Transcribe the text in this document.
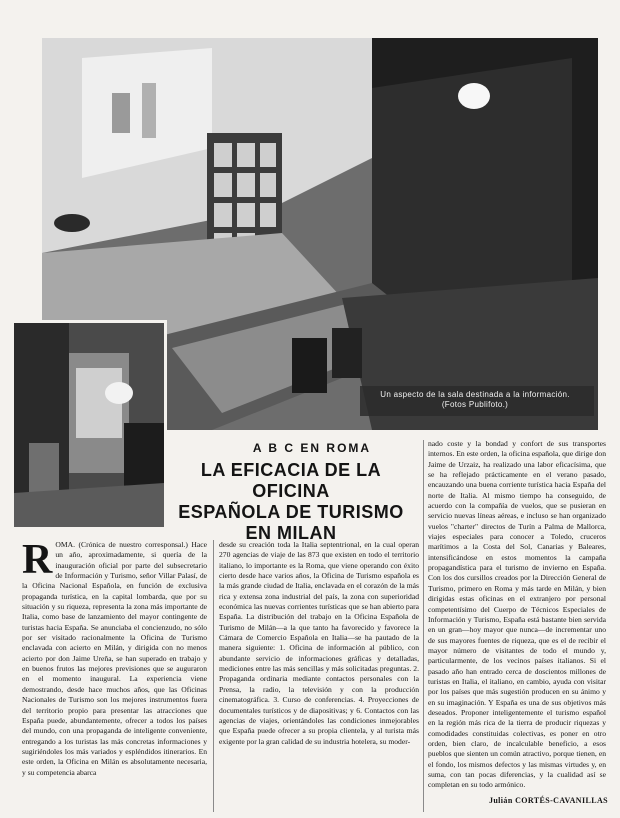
Un aspecto de la sala destinada a la información.
(Fotos Publifoto.)
A B C EN ROMA
LA EFICACIA DE LA OFICINA
ESPAÑOLA DE TURISMO
EN MILAN
R OMA. (Crónica de nuestro corresponsal.) Hace un año, aproximadamente, si quería de la inauguración oficial por parte del subsecretario de Información y Turismo, señor Villar Palasí, de la Oficina Nacional Española, en función de exclusiva propaganda turística, en la capital lombarda, que por su situación y su riqueza, representa la zona más importante de Italia, como base de lanzamiento del mayor contingente de turistas hacia España. Se anunciaba el concienzudo, no sólo por ser visitado racionalmente la Oficina de Turismo enclavada con acierto en Milán, y dirigida con no menos acierto por don Jaime Ureña, se han superado en trabajo y en buenos frutos las mejores previsiones que se auguraron en el momento inaugural. La experiencia viene demostrando, desde hace muchos años, que las Oficinas Nacionales de Turismo son los mejores instrumentos fuera del territorio propio para presentar las atracciones que España puede, abundantemente, ofrecer a todos los países del mundo, con una propaganda de inteligente conveniente, entregando a los turistas las más concretas informaciones y sugiriéndoles los más variados y espléndidos itinerarios. En este orden, la Oficina en Milán es absolutamente necesaria, y su competencia abarca

desde su creación toda la Italia septentrional, en la cual operan 270 agencias de viaje de las 873 que existen en todo el territorio italiano, lo importante es la Roma, que viene operando con éxito cierto desde hace varios años, la Oficina de Turismo española es la más grande ciudad de Italia, enclavada en el corazón de la más rica y extensa zona industrial del país, la zona con superioridad económica las nuevas corrientes turísticas que se han abierto para España. La distribución del trabajo en la Oficina Española de Turismo de Milán—a la que tanto ha favorecido y favorece la Cámara de Comercio Española en Italia—se ha pautado de la manera siguiente: 1. Oficina de información al público, con abundante servicio de informaciones gráficas y detalladas, mediciones entre las más sencillas y más solicitadas preguntas. 2. Propaganda ordinaria mediante contactos personales con la Prensa, la radio, la televisión y con la producción cinematográfica. 3. Curso de conferencias. 4. Proyecciones de documentales turísticos y de diapositivas; y 6. Contactos con las agencias de viajes, orientándoles las condiciones inmejorables que España puede ofrecer a su propia clientela, y al turista más exigente por la gran calidad de su industria hotelera, su moder-

nado coste y la bondad y confort de sus transportes internos. En este orden, la oficina española, que dirige don Jaime de Urzaiz, ha realizado una labor eficacísima, que se ha reflejado prácticamente en el verano pasado, encauzando una buena corriente turística hacia España del norte de Italia. Al mismo tiempo ha conseguido, de acuerdo con la compañía de vuelos, que se pusieran en servicio nuevas líneas aéreas, e incluso se han organizado vuelos "charter" directos de Turín a Palma de Mallorca, viajes especiales para conocer a Toledo, cruceros marítimos a la Costa del Sol, Canarias y Baleares, intensificándose en estos momentos la campaña propagandística para el turismo de invierno en España. Con los dos cursillos creados por la Dirección General de Turismo, primero en Roma y más tarde en Milán, y bien dirigidas estas oficinas en el extranjero por personal competentísimo del Cuerpo de Técnicos Especiales de Información y Turismo, España está bastante bien servida en un gran—hoy mayor que nunca—de incrementar uno de sus mayores fuentes de riqueza, que es el de recibir el mayor número de visitantes de todo el mundo y, particularmente, de los vecinos países italianos. Si el pasado año han entrado cerca de doscientos millones de turistas en Italia, el italiano, en cambio, ayuda con visitar por los países que más sugestión producen en su ánimo y en su imaginación. Y España es una de sus objetivos más deseados. Proponer inteligentemente el turismo español en la región más rica de la tierra de producir riquezas y comodidades constituidas colectivas, es poner en otro orden, bien claro, de incalculable beneficio, a esos pueblos que sienten un común atractivo, porque tienen, en el fondo, los mismos defectos y las mismas virtudes y, en suma, con tan pocas diferencias, y la cualidad así se completan en su todo armónico.

Julián CORTÉS-CAVANILLAS
